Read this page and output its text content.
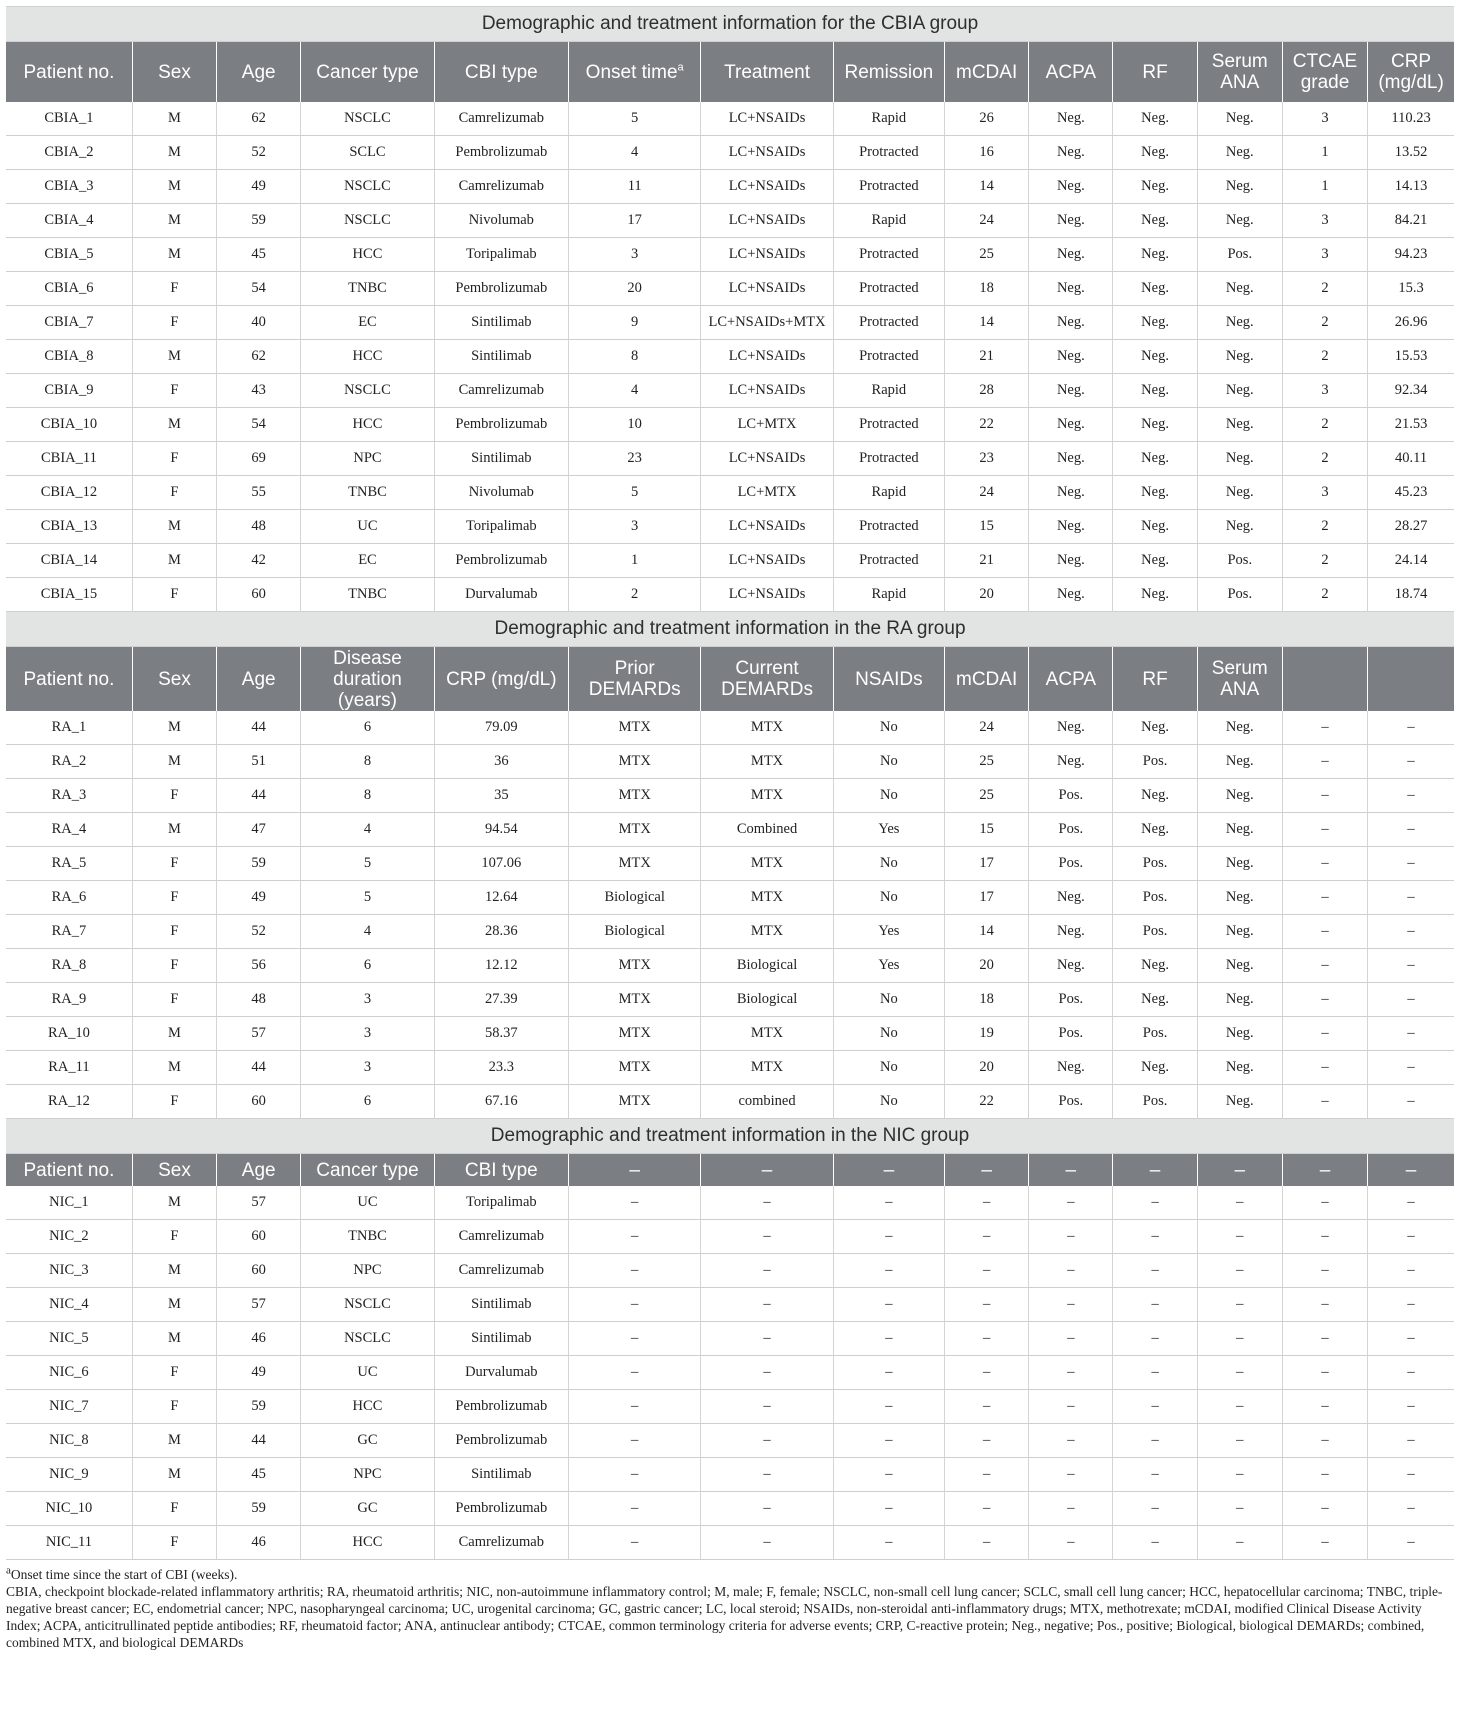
Demographic and treatment information for the CBIA group													
Patient no.	Sex	Age	Cancer type	CBI type	Onset time$^a$	Treatment	Remission	mCDAI	ACPA	RF	Serum ANA	CTCAE grade	CRP (mg/dL)
CBIA_1	M	62	NSCLC	Camrelizumab	5	LC+NSAIDs	Rapid	26	Neg.	Neg.	Neg.	3	110.23
CBIA_2	M	52	SCLC	Pembrolizumab	4	LC+NSAIDs	Protracted	16	Neg.	Neg.	Neg.	1	13.52
CBIA_3	M	49	NSCLC	Camrelizumab	11	LC+NSAIDs	Protracted	14	Neg.	Neg.	Neg.	1	14.13
CBIA_4	M	59	NSCLC	Nivolumab	17	LC+NSAIDs	Rapid	24	Neg.	Neg.	Neg.	3	84.21
CBIA_5	M	45	HCC	Toripalimab	3	LC+NSAIDs	Protracted	25	Neg.	Neg.	Pos.	3	94.23
CBIA_6	F	54	TNBC	Pembrolizumab	20	LC+NSAIDs	Protracted	18	Neg.	Neg.	Neg.	2	15.3
CBIA_7	F	40	EC	Sintilimab	9	LC+NSAIDs+MTX	Protracted	14	Neg.	Neg.	Neg.	2	26.96
CBIA_8	M	62	HCC	Sintilimab	8	LC+NSAIDs	Protracted	21	Neg.	Neg.	Neg.	2	15.53
CBIA_9	F	43	NSCLC	Camrelizumab	4	LC+NSAIDs	Rapid	28	Neg.	Neg.	Neg.	3	92.34
CBIA_10	M	54	HCC	Pembrolizumab	10	LC+MTX	Protracted	22	Neg.	Neg.	Neg.	2	21.53
CBIA_11	F	69	NPC	Sintilimab	23	LC+NSAIDs	Protracted	23	Neg.	Neg.	Neg.	2	40.11
CBIA_12	F	55	TNBC	Nivolumab	5	LC+MTX	Rapid	24	Neg.	Neg.	Neg.	3	45.23
CBIA_13	M	48	UC	Toripalimab	3	LC+NSAIDs	Protracted	15	Neg.	Neg.	Neg.	2	28.27
CBIA_14	M	42	EC	Pembrolizumab	1	LC+NSAIDs	Protracted	21	Neg.	Neg.	Pos.	2	24.14
CBIA_15	F	60	TNBC	Durvalumab	2	LC+NSAIDs	Rapid	20	Neg.	Neg.	Pos.	2	18.74
Demographic and treatment information in the RA group													
Patient no.	Sex	Age	Disease duration (years)	CRP (mg/dL)	Prior DEMARDs	Current DEMARDs	NSAIDs	mCDAI	ACPA	RF	Serum ANA		
RA_1	M	44	6	79.09	MTX	MTX	No	24	Neg.	Neg.	Neg.	–	–
RA_2	M	51	8	36	MTX	MTX	No	25	Neg.	Pos.	Neg.	–	–
RA_3	F	44	8	35	MTX	MTX	No	25	Pos.	Neg.	Neg.	–	–
RA_4	M	47	4	94.54	MTX	Combined	Yes	15	Pos.	Neg.	Neg.	–	–
RA_5	F	59	5	107.06	MTX	MTX	No	17	Pos.	Pos.	Neg.	–	–
RA_6	F	49	5	12.64	Biological	MTX	No	17	Neg.	Pos.	Neg.	–	–
RA_7	F	52	4	28.36	Biological	MTX	Yes	14	Neg.	Pos.	Neg.	–	–
RA_8	F	56	6	12.12	MTX	Biological	Yes	20	Neg.	Neg.	Neg.	–	–
RA_9	F	48	3	27.39	MTX	Biological	No	18	Pos.	Neg.	Neg.	–	–
RA_10	M	57	3	58.37	MTX	MTX	No	19	Pos.	Pos.	Neg.	–	–
RA_11	M	44	3	23.3	MTX	MTX	No	20	Neg.	Neg.	Neg.	–	–
RA_12	F	60	6	67.16	MTX	combined	No	22	Pos.	Pos.	Neg.	–	–
Demographic and treatment information in the NIC group													
Patient no.	Sex	Age	Cancer type	CBI type	–	–	–	–	–	–	–	–	–
NIC_1	M	57	UC	Toripalimab	–	–	–	–	–	–	–	–	–
NIC_2	F	60	TNBC	Camrelizumab	–	–	–	–	–	–	–	–	–
NIC_3	M	60	NPC	Camrelizumab	–	–	–	–	–	–	–	–	–
NIC_4	M	57	NSCLC	Sintilimab	–	–	–	–	–	–	–	–	–
NIC_5	M	46	NSCLC	Sintilimab	–	–	–	–	–	–	–	–	–
NIC_6	F	49	UC	Durvalumab	–	–	–	–	–	–	–	–	–
NIC_7	F	59	HCC	Pembrolizumab	–	–	–	–	–	–	–	–	–
NIC_8	M	44	GC	Pembrolizumab	–	–	–	–	–	–	–	–	–
NIC_9	M	45	NPC	Sintilimab	–	–	–	–	–	–	–	–	–
NIC_10	F	59	GC	Pembrolizumab	–	–	–	–	–	–	–	–	–
NIC_11	F	46	HCC	Camrelizumab	–	–	–	–	–	–	–	–	–

$^a$Onset time since the start of CBI (weeks).

CBIA, checkpoint blockade-related inflammatory arthritis; RA, rheumatoid arthritis; NIC, non-autoimmune inflammatory control; M, male; F, female; NSCLC, non-small cell lung cancer; SCLC, small cell lung cancer; HCC, hepatocellular carcinoma; TNBC, triple-negative breast cancer; EC, endometrial cancer; NPC, nasopharyngeal carcinoma; UC, urogenital carcinoma; GC, gastric cancer; LC, local steroid; NSAIDs, non-steroidal anti-inflammatory drugs; MTX, methotrexate; mCDAI, modified Clinical Disease Activity Index; ACPA, anticitrullinated peptide antibodies; RF, rheumatoid factor; ANA, antinuclear antibody; CTCAE, common terminology criteria for adverse events; CRP, C-reactive protein; Neg., negative; Pos., positive; Biological, biological DEMARDs; combined, combined MTX, and biological DEMARDs
